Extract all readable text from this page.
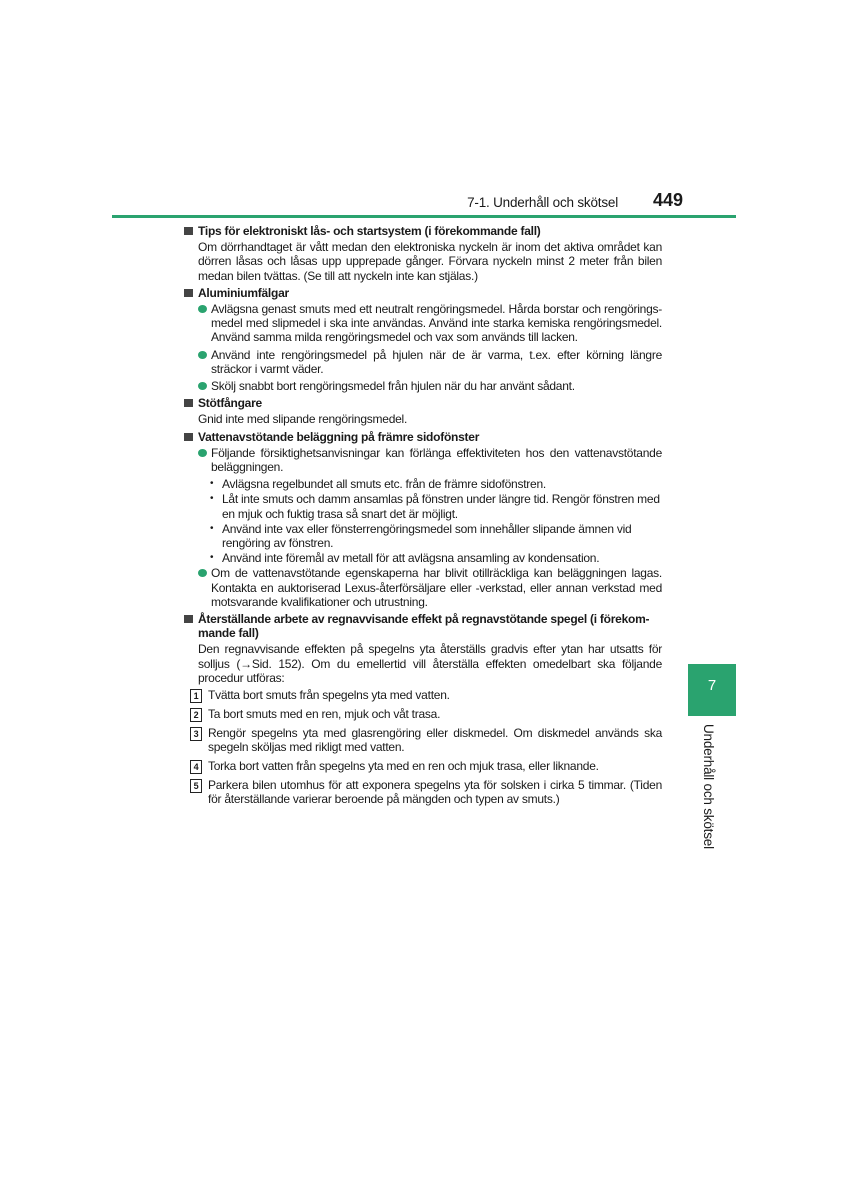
7-1. Underhåll och skötsel 449
Tips för elektroniskt lås- och startsystem (i förekommande fall)
Om dörrhandtaget är vått medan den elektroniska nyckeln är inom det aktiva området kan dörren låsas och låsas upp upprepade gånger. Förvara nyckeln minst 2 meter från bilen medan bilen tvättas. (Se till att nyckeln inte kan stjälas.)
Aluminiumfälgar
Avlägsna genast smuts med ett neutralt rengöringsmedel. Hårda borstar och rengörings-medel med slipmedel i ska inte användas. Använd inte starka kemiska rengöringsmedel. Använd samma milda rengöringsmedel och vax som används till lacken.
Använd inte rengöringsmedel på hjulen när de är varma, t.ex. efter körning längre sträckor i varmt väder.
Skölj snabbt bort rengöringsmedel från hjulen när du har använt sådant.
Stötfångare
Gnid inte med slipande rengöringsmedel.
Vattenavstötande beläggning på främre sidofönster
Följande försiktighetsanvisningar kan förlänga effektiviteten hos den vattenavstötande beläggningen.
• Avlägsna regelbundet all smuts etc. från de främre sidofönstren.
• Låt inte smuts och damm ansamlas på fönstren under längre tid. Rengör fönstren med en mjuk och fuktig trasa så snart det är möjligt.
• Använd inte vax eller fönsterrengöringsmedel som innehåller slipande ämnen vid rengöring av fönstren.
• Använd inte föremål av metall för att avlägsna ansamling av kondensation.
Om de vattenavstötande egenskaperna har blivit otillräckliga kan beläggningen lagas. Kontakta en auktoriserad Lexus-återförsäljare eller -verkstad, eller annan verkstad med motsvarande kvalifikationer och utrustning.
Återställande arbete av regnavvisande effekt på regnavstötande spegel (i förekom-mande fall)
Den regnavvisande effekten på spegelns yta återställs gradvis efter ytan har utsatts för solljus (→Sid. 152). Om du emellertid vill återställa effekten omedelbart ska följande procedur utföras:
1 Tvätta bort smuts från spegelns yta med vatten.
2 Ta bort smuts med en ren, mjuk och våt trasa.
3 Rengör spegelns yta med glasrengöring eller diskmedel. Om diskmedel används ska spegeln sköljas med rikligt med vatten.
4 Torka bort vatten från spegelns yta med en ren och mjuk trasa, eller liknande.
5 Parkera bilen utomhus för att exponera spegelns yta för solsken i cirka 5 timmar. (Tiden för återställande varierar beroende på mängden och typen av smuts.)
7
Underhåll och skötsel
